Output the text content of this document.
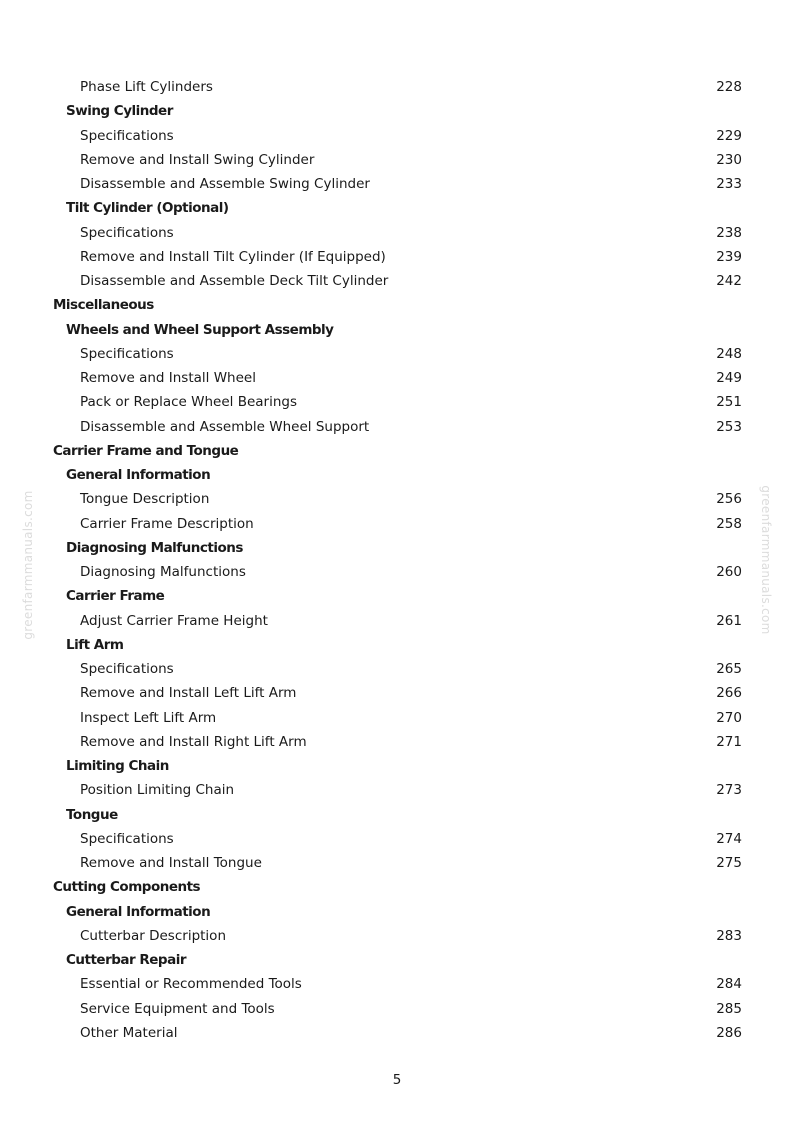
greenfarmmanuals.com	greenfarmmanuals.com
Phase Lift Cylinders	228
Swing Cylinder
Specifications	229
Remove and Install Swing Cylinder	230
Disassemble and Assemble Swing Cylinder	233
Tilt Cylinder (Optional)
Specifications	238
Remove and Install Tilt Cylinder (If Equipped)	239
Disassemble and Assemble Deck Tilt Cylinder	242
Miscellaneous
Wheels and Wheel Support Assembly
Specifications	248
Remove and Install Wheel	249
Pack or Replace Wheel Bearings	251
Disassemble and Assemble Wheel Support	253
Carrier Frame and Tongue
General Information
Tongue Description	256
Carrier Frame Description	258
Diagnosing Malfunctions
Diagnosing Malfunctions	260
Carrier Frame
Adjust Carrier Frame Height	261
Lift Arm
Specifications	265
Remove and Install Left Lift Arm	266
Inspect Left Lift Arm	270
Remove and Install Right Lift Arm	271
Limiting Chain
Position Limiting Chain	273
Tongue
Specifications	274
Remove and Install Tongue	275
Cutting Components
General Information
Cutterbar Description	283
Cutterbar Repair
Essential or Recommended Tools	284
Service Equipment and Tools	285
Other Material	286
5
